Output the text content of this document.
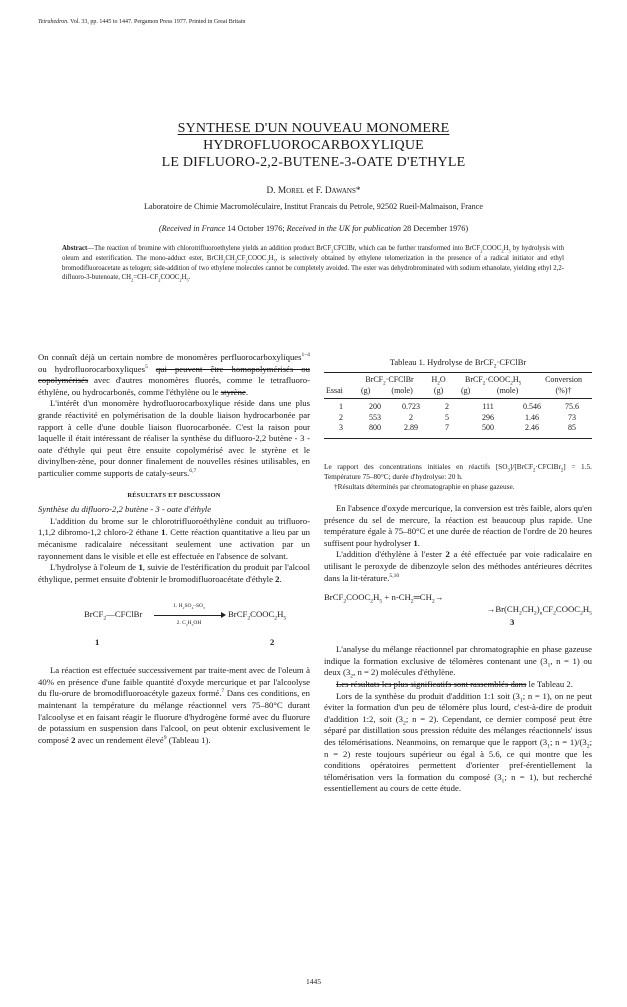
Tetrahedron. Vol. 33, pp. 1445 to 1447. Pergamon Press 1977. Printed in Great Britain
SYNTHESE D'UN NOUVEAU MONOMERE
HYDROFLUOROCARBOXYLIQUE
LE DIFLUORO-2,2-BUTENE-3-OATE D'ETHYLE
D. Morel et F. Dawans*
Laboratoire de Chimie Macromoléculaire, Institut Francais du Petrole, 92502 Rueil-Malmaison, France
(Received in France 14 October 1976; Received in the UK for publication 28 December 1976)
Abstract—The reaction of bromine with chlorotrifluoroethylene yields an addition product BrCF$_2$CFClBr, which can be further transformed into $BrCF_2COOC_2H_5$ by hydrolysis with oleum and esterification. The mono-adduct ester, $BrCH_2CH_2CF_2COOC_2H_5$, is selectively obtained by ethylene telomerization in the presence of a radical initiator and ethyl bromodifluoroacetate as telogen; side-addition of two ethylene molecules cannot be completely avoided. The ester was dehydrobrominated with sodium ethanolate, yielding ethyl 2,2-difluoro-3-butenoate, $CH_2=CH-CF_2COOC_2H_5$.

On connaît déjà un certain nombre de monomères perfluorocarboxyliques$^{1-4}$ ou hydrofluorocarboxyliques$^5$ qui peuvent être homopolymérisés ou copolymérisés avec d'autres monomères fluorés, comme le tetrafluoro-éthylène, ou hydrocarbonés, comme l'éthylène ou le styrène.

L'intérêt d'un monomère hydrofluorocarboxylique réside dans une plus grande réactivité en polymérisation de la double liaison hydrocarbonée par rapport à celle d'une double liaison fluorocarbonée. C'est la raison pour laquelle il était intéressant de réaliser la synthèse du difluoro-2,2 butène - 3 - oate d'éthyle qui peut être ensuite copolymérisé avec le styrène et le divinylben-zène, pour donner finalement de nouvelles résines utilisables, en particulier comme supports de cataly-seurs.$^{6,7}$

RÉSULTATS ET DISCUSSION

Synthèse du difluoro-2,2 butène - 3 - oate d'éthyle

L'addition du brome sur le chlorotrifluoroéthylène conduit au trifluoro-1,1,2 dibromo-1,2 chloro-2 éthane 1. Cette réaction quantitative a lieu par un mécanisme radicalaire nécessitant seulement une activation par un rayonnement dans le visible et elle est effectuée en l'absence de solvant.

L'hydrolyse à l'oleum de 1, suivie de l'estérification du produit par l'alcool éthylique, permet ensuite d'obtenir le bromodifluoroacétate d'éthyle 2.

BrCF$_2$—CFClBr
1. $H_2SO_4-SO_3$
2. $C_2H_5OH$
$BrCF_2COOC_2H_5$
1	2

La réaction est effectuée successivement par traite-ment avec de l'oleum à 40% en présence d'une faible quantité d'oxyde mercurique et par l'alcoolyse du flu-orure de bromodifluoroacétyle gazeux formé.$^7$ Dans ces conditions, en maintenant la température du mélange réactionnel vers 75–80°C durant l'alcoolyse et en faisant réagir le fluorure d'hydrogène formé avec du fluorure de potassium en suspension dans l'alcool, on peut obtenir exclusivement le composé 2 avec un rendement élevé$^9$ (Tableau 1).

Tableau 1. Hydrolyse de BrCF$_2$·CFClBr
Essai	BrCF$_2$·CFClBr		$H_2O$	$BrCF_2\cdot COOC_2H_5$		Conversion
	(g)	(mole)	(g)	(g)	(mole)	(%)†
1	200	0.723	2	111	0.546	75.6
2	553	2	5	296	1.46	73
3	800	2.89	7	500	2.46	85
Le rapport des concentrations initiales en réactifs $[SO_3]/[BrCF_2\cdot CFClBr_2] = 1.5$. Température 75–80°C; durée d'hydrolyse: 20 h.
†Résultats déterminés par chromatographie en phase gazeuse.

En l'absence d'oxyde mercurique, la conversion est très faible, alors qu'en présence du sel de mercure, la réaction est beaucoup plus rapide. Une température égale à 75–80°C et une durée de réaction de l'ordre de 20 heures suffisent pour hydrolyser 1.

L'addition d'éthylène à l'ester 2 a été effectuée par voie radicalaire en utilisant le peroxyde de dibenzoyle selon des méthodes antérieures décrites dans la lit-térature.$^{5,10}$

$BrCF_2COOC_2H_5$ + $n-CH_2═CH_2\to$
$\to Br(CH_2CH_2)_nCF_2COOC_2H_5$
3

L'analyse du mélange réactionnel par chromatographie en phase gazeuse indique la formation exclusive de télomères contenant une ($3_1$, n = 1) ou deux ($3_2$, n = 2) molécules d'éthylène.

Les résultats les plus significatifs sont rassemblés dans le Tableau 2.

Lors de la synthèse du produit d'addition 1:1 soit ($3_1$; n = 1), on ne peut éviter la formation d'un peu de télomère plus lourd, c'est-à-dire de produit d'addition 1:2, soit ($3_2$; n = 2). Cependant, ce dernier composé peut être séparé par distillation sous pression réduite des mélanges réactionnels' issus des télomérisations. Neanmoins, on remarque que le rapport ($3_1$; $n = 1)/(3_2$; n = 2) reste toujours supérieur ou égal à 5.6, ce qui montre que les conditions opératoires permettent d'orienter pref-érentiellement la télomérisation vers la formation du composé ($3_1$; n = 1), but recherché essentiellement au cours de cette étude.

1445
